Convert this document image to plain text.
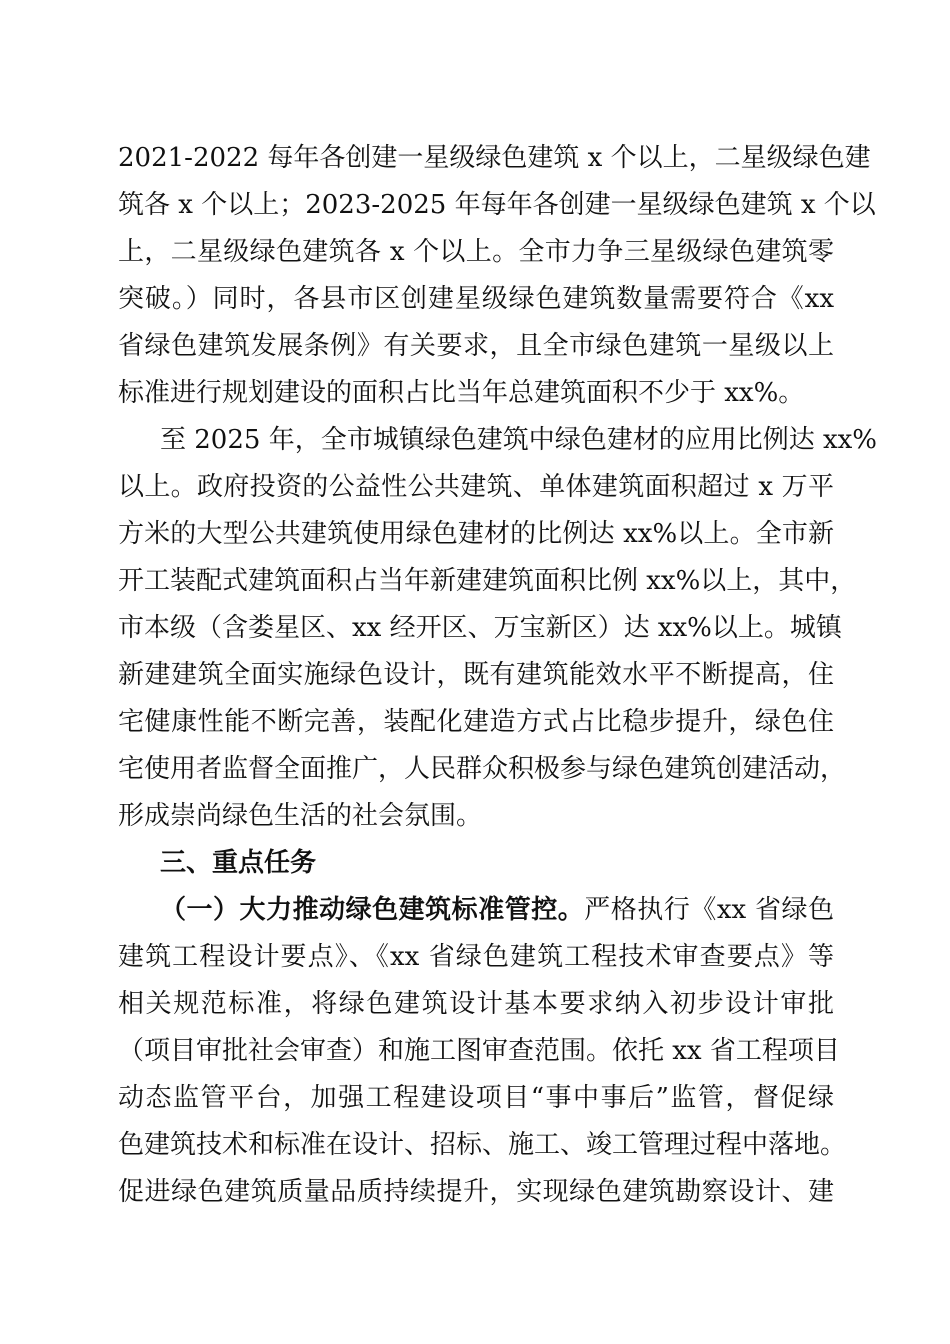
2021-2022 每年各创建一星级绿色建筑 x 个以上，二星级绿色建
筑各 x 个以上；2023-2025 年每年各创建一星级绿色建筑 x 个以
上，二星级绿色建筑各 x 个以上。全市力争三星级绿色建筑零
突破。）同时，各县市区创建星级绿色建筑数量需要符合《xx
省绿色建筑发展条例》有关要求，且全市绿色建筑一星级以上
标准进行规划建设的面积占比当年总建筑面积不少于 xx%。
至 2025 年，全市城镇绿色建筑中绿色建材的应用比例达 xx%
以上。政府投资的公益性公共建筑、单体建筑面积超过 x 万平
方米的大型公共建筑使用绿色建材的比例达 xx%以上。全市新
开工装配式建筑面积占当年新建建筑面积比例 xx%以上，其中，
市本级（含娄星区、xx 经开区、万宝新区）达 xx%以上。城镇
新建建筑全面实施绿色设计，既有建筑能效水平不断提高，住
宅健康性能不断完善，装配化建造方式占比稳步提升，绿色住
宅使用者监督全面推广，人民群众积极参与绿色建筑创建活动，
形成崇尚绿色生活的社会氛围。
三、重点任务
（一）大力推动绿色建筑标准管控。严格执行《xx 省绿色
建筑工程设计要点》、《xx 省绿色建筑工程技术审查要点》等
相关规范标准，将绿色建筑设计基本要求纳入初步设计审批
（项目审批社会审查）和施工图审查范围。依托 xx 省工程项目
动态监管平台，加强工程建设项目“事中事后”监管，督促绿
色建筑技术和标准在设计、招标、施工、竣工管理过程中落地。
促进绿色建筑质量品质持续提升，实现绿色建筑勘察设计、建
